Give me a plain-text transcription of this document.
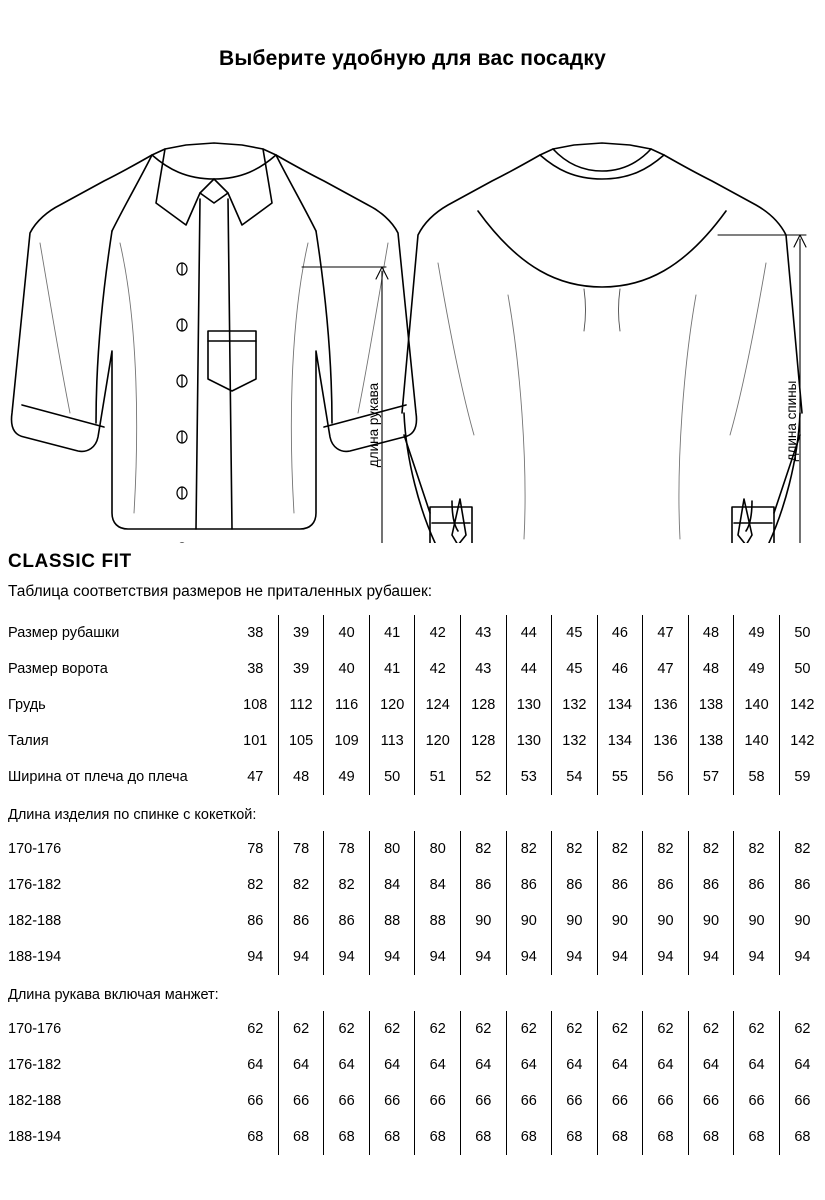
Выберите удобную для вас посадку
длина рукава	длина спины
CLASSIC FIT
Таблица соответствия размеров не приталенных рубашек:
Размер рубашки	38	39	40	41	42	43	44	45	46	47	48	49	50
Размер ворота	38	39	40	41	42	43	44	45	46	47	48	49	50
Грудь	108	112	116	120	124	128	130	132	134	136	138	140	142
Талия	101	105	109	113	120	128	130	132	134	136	138	140	142
Ширина от плеча до плеча	47	48	49	50	51	52	53	54	55	56	57	58	59
Длина изделия по спинке с кокеткой:													
170-176	78	78	78	80	80	82	82	82	82	82	82	82	82
176-182	82	82	82	84	84	86	86	86	86	86	86	86	86
182-188	86	86	86	88	88	90	90	90	90	90	90	90	90
188-194	94	94	94	94	94	94	94	94	94	94	94	94	94
Длина рукава включая манжет:													
170-176	62	62	62	62	62	62	62	62	62	62	62	62	62
176-182	64	64	64	64	64	64	64	64	64	64	64	64	64
182-188	66	66	66	66	66	66	66	66	66	66	66	66	66
188-194	68	68	68	68	68	68	68	68	68	68	68	68	68
